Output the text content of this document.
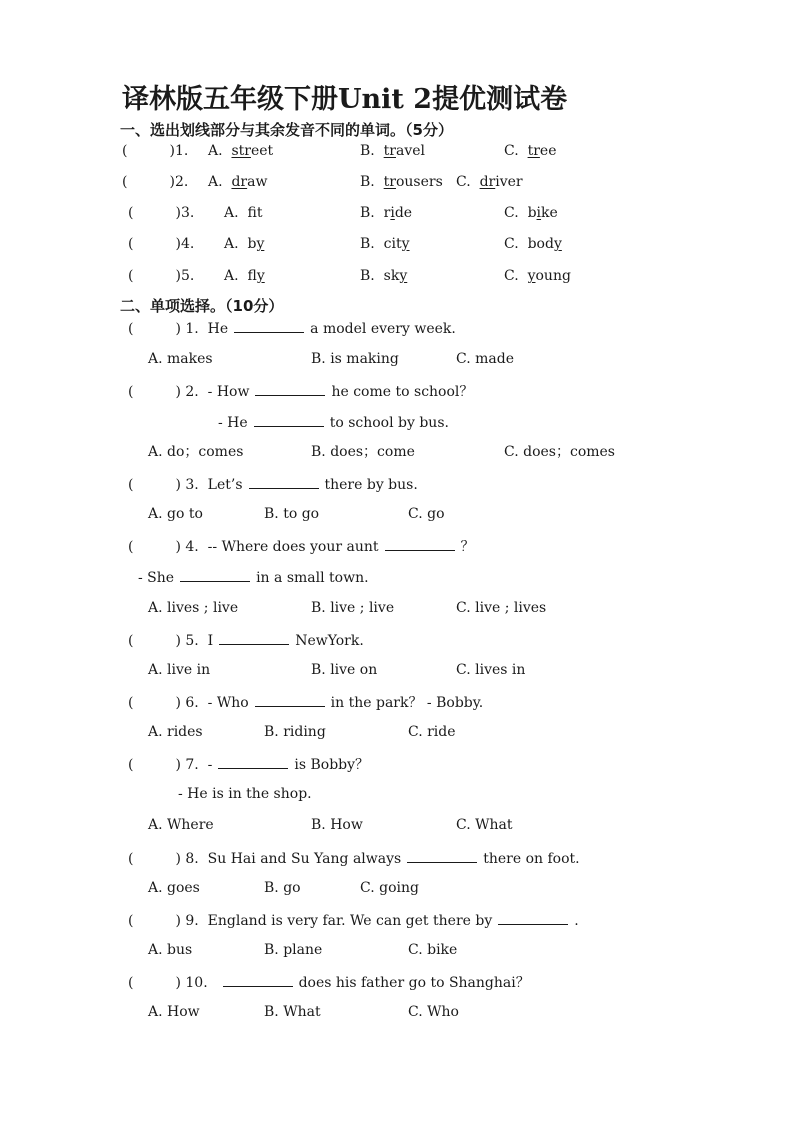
译林版五年级下册Unit 2提优测试卷
一、选出划线部分与其余发音不同的单词。（5分）
(　　　)1. A. street	B. travel	C. tree
(　　　)2. A. draw	B. trousers C. driver
(　　　)3. A. ft	B. ride	C. bike
(　　　)4. A. by	B. city	C. body
(　　　)5. A. fly	B. sky	C. young
二、单项选择。（10分）
(　　　) 1. He	a model every week.
A. makes	B. is making	C. made
(　　　) 2. - How	he come to school？
- He	to school by bus.
A. do；comes	B. does；come	C. does；comes
(　　　) 3. Let’s	there by bus.
A. go to	B. to go	C. go
(　　　) 4. -- Where does your aunt	？
- She	in a small town.
A. lives ; live	B. live ; live	C. live ; lives
(　　　) 5. I	NewYork.
A. live in	B. live on	C. lives in
(　　　) 6. - Who	in the park？ - Bobby.
A. rides	B. riding	C. ride
(　　　) 7. -	is Bobby？
- He is in the shop.
A. Where	B. How	C. What
(　　　) 8. Su Hai and Su Yang always	there on foot.
A. goes	B. go	C. going
(　　　) 9. England is very far. We can get there by	.
A. bus	B. plane	C. bike
(　　　) 10.	does his father go to Shanghai？
A. How	B. What	C. Who
